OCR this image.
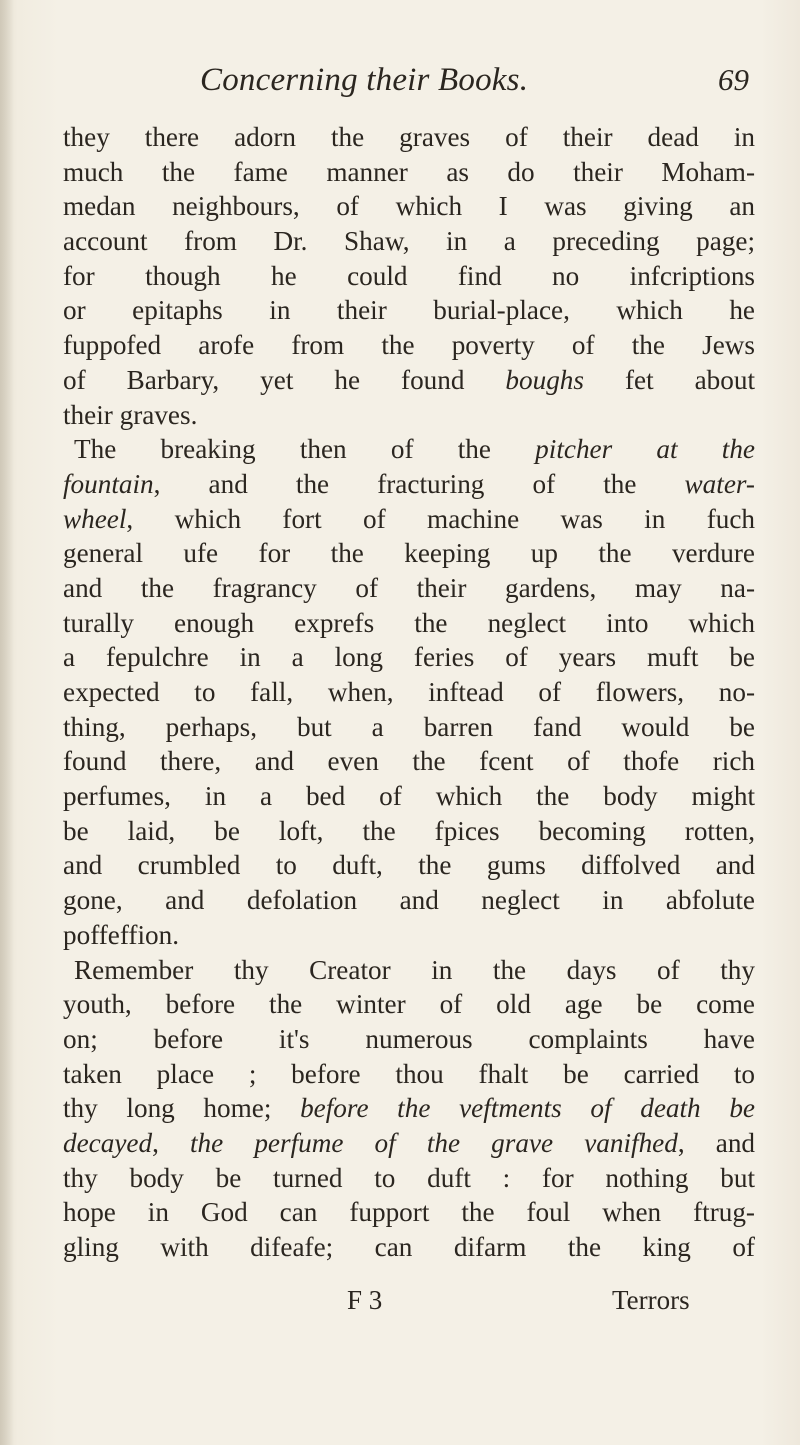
Concerning their Books.	69
they there adorn the graves of their dead in
much the fame manner as do their Moham-
medan neighbours, of which I was giving an
account from Dr. Shaw, in a preceding page;
for though he could find no infcriptions
or epitaphs in their burial-place, which he
fuppofed arofe from the poverty of the Jews
of Barbary, yet he found boughs fet about
their graves.
The breaking then of the pitcher at the
fountain, and the fracturing of the water-
wheel, which fort of machine was in fuch
general ufe for the keeping up the verdure
and the fragrancy of their gardens, may na-
turally enough exprefs the neglect into which
a fepulchre in a long feries of years muft be
expected to fall, when, inftead of flowers, no-
thing, perhaps, but a barren fand would be
found there, and even the fcent of thofe rich
perfumes, in a bed of which the body might
be laid, be loft, the fpices becoming rotten,
and crumbled to duft, the gums diffolved and
gone, and defolation and neglect in abfolute
poffeffion.
Remember thy Creator in the days of thy
youth, before the winter of old age be come
on; before it's numerous complaints have
taken place ; before thou fhalt be carried to
thy long home; before the veftments of death be
decayed, the perfume of the grave vanifhed, and
thy body be turned to duft : for nothing but
hope in God can fupport the foul when ftrug-
gling with difeafe; can difarm the king of
F 3	Terrors
